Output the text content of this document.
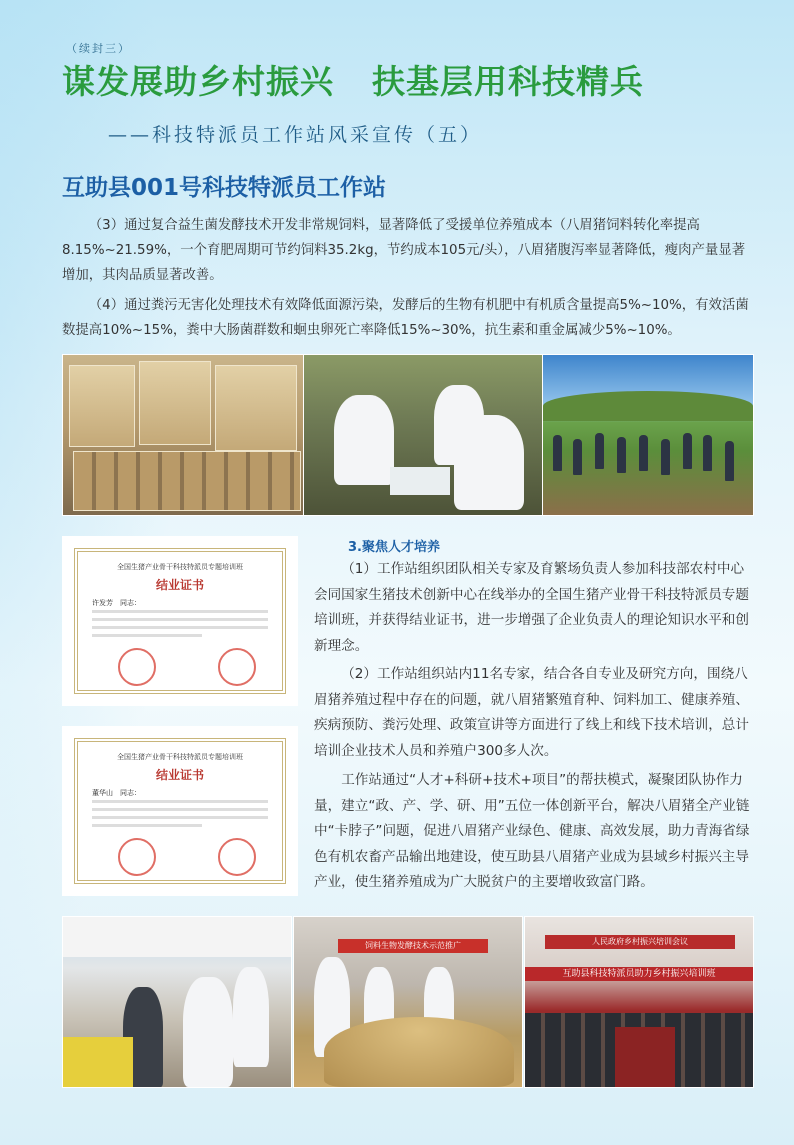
（续封三）
谋发展助乡村振兴 扶基层用科技精兵
——科技特派员工作站风采宣传（五）
互助县001号科技特派员工作站

（3）通过复合益生菌发酵技术开发非常规饲料，显著降低了受援单位养殖成本（八眉猪饲料转化率提高8.15%~21.59%，一个育肥周期可节约饲料35.2kg，节约成本105元/头），八眉猪腹泻率显著降低，瘦肉产量显著增加，其肉品质显著改善。

（4）通过粪污无害化处理技术有效降低面源污染，发酵后的生物有机肥中有机质含量提高5%~10%，有效活菌数提高10%~15%，粪中大肠菌群数和蛔虫卵死亡率降低15%~30%，抗生素和重金属减少5%~10%。

全国生猪产业骨干科技特派员专题培训班
结业证书
许发芳　同志：
全国生猪产业骨干科技特派员专题培训班
结业证书
董华山　同志：
3.聚焦人才培养

（1）工作站组织团队相关专家及育繁场负责人参加科技部农村中心会同国家生猪技术创新中心在线举办的全国生猪产业骨干科技特派员专题培训班，并获得结业证书，进一步增强了企业负责人的理论知识水平和创新理念。

（2）工作站组织站内11名专家，结合各自专业及研究方向，围绕八眉猪养殖过程中存在的问题，就八眉猪繁殖育种、饲料加工、健康养殖、疾病预防、粪污处理、政策宣讲等方面进行了线上和线下技术培训，总计培训企业技术人员和养殖户300多人次。

工作站通过“人才+科研+技术+项目”的帮扶模式，凝聚团队协作力量，建立“政、产、学、研、用”五位一体创新平台，解决八眉猪全产业链中“卡脖子”问题，促进八眉猪产业绿色、健康、高效发展，助力青海省绿色有机农畜产品输出地建设，使互助县八眉猪产业成为县域乡村振兴主导产业，使生猪养殖成为广大脱贫户的主要增收致富门路。

饲料生物发酵技术示范推广	人民政府乡村振兴培训会议
互助县科技特派员助力乡村振兴培训班
